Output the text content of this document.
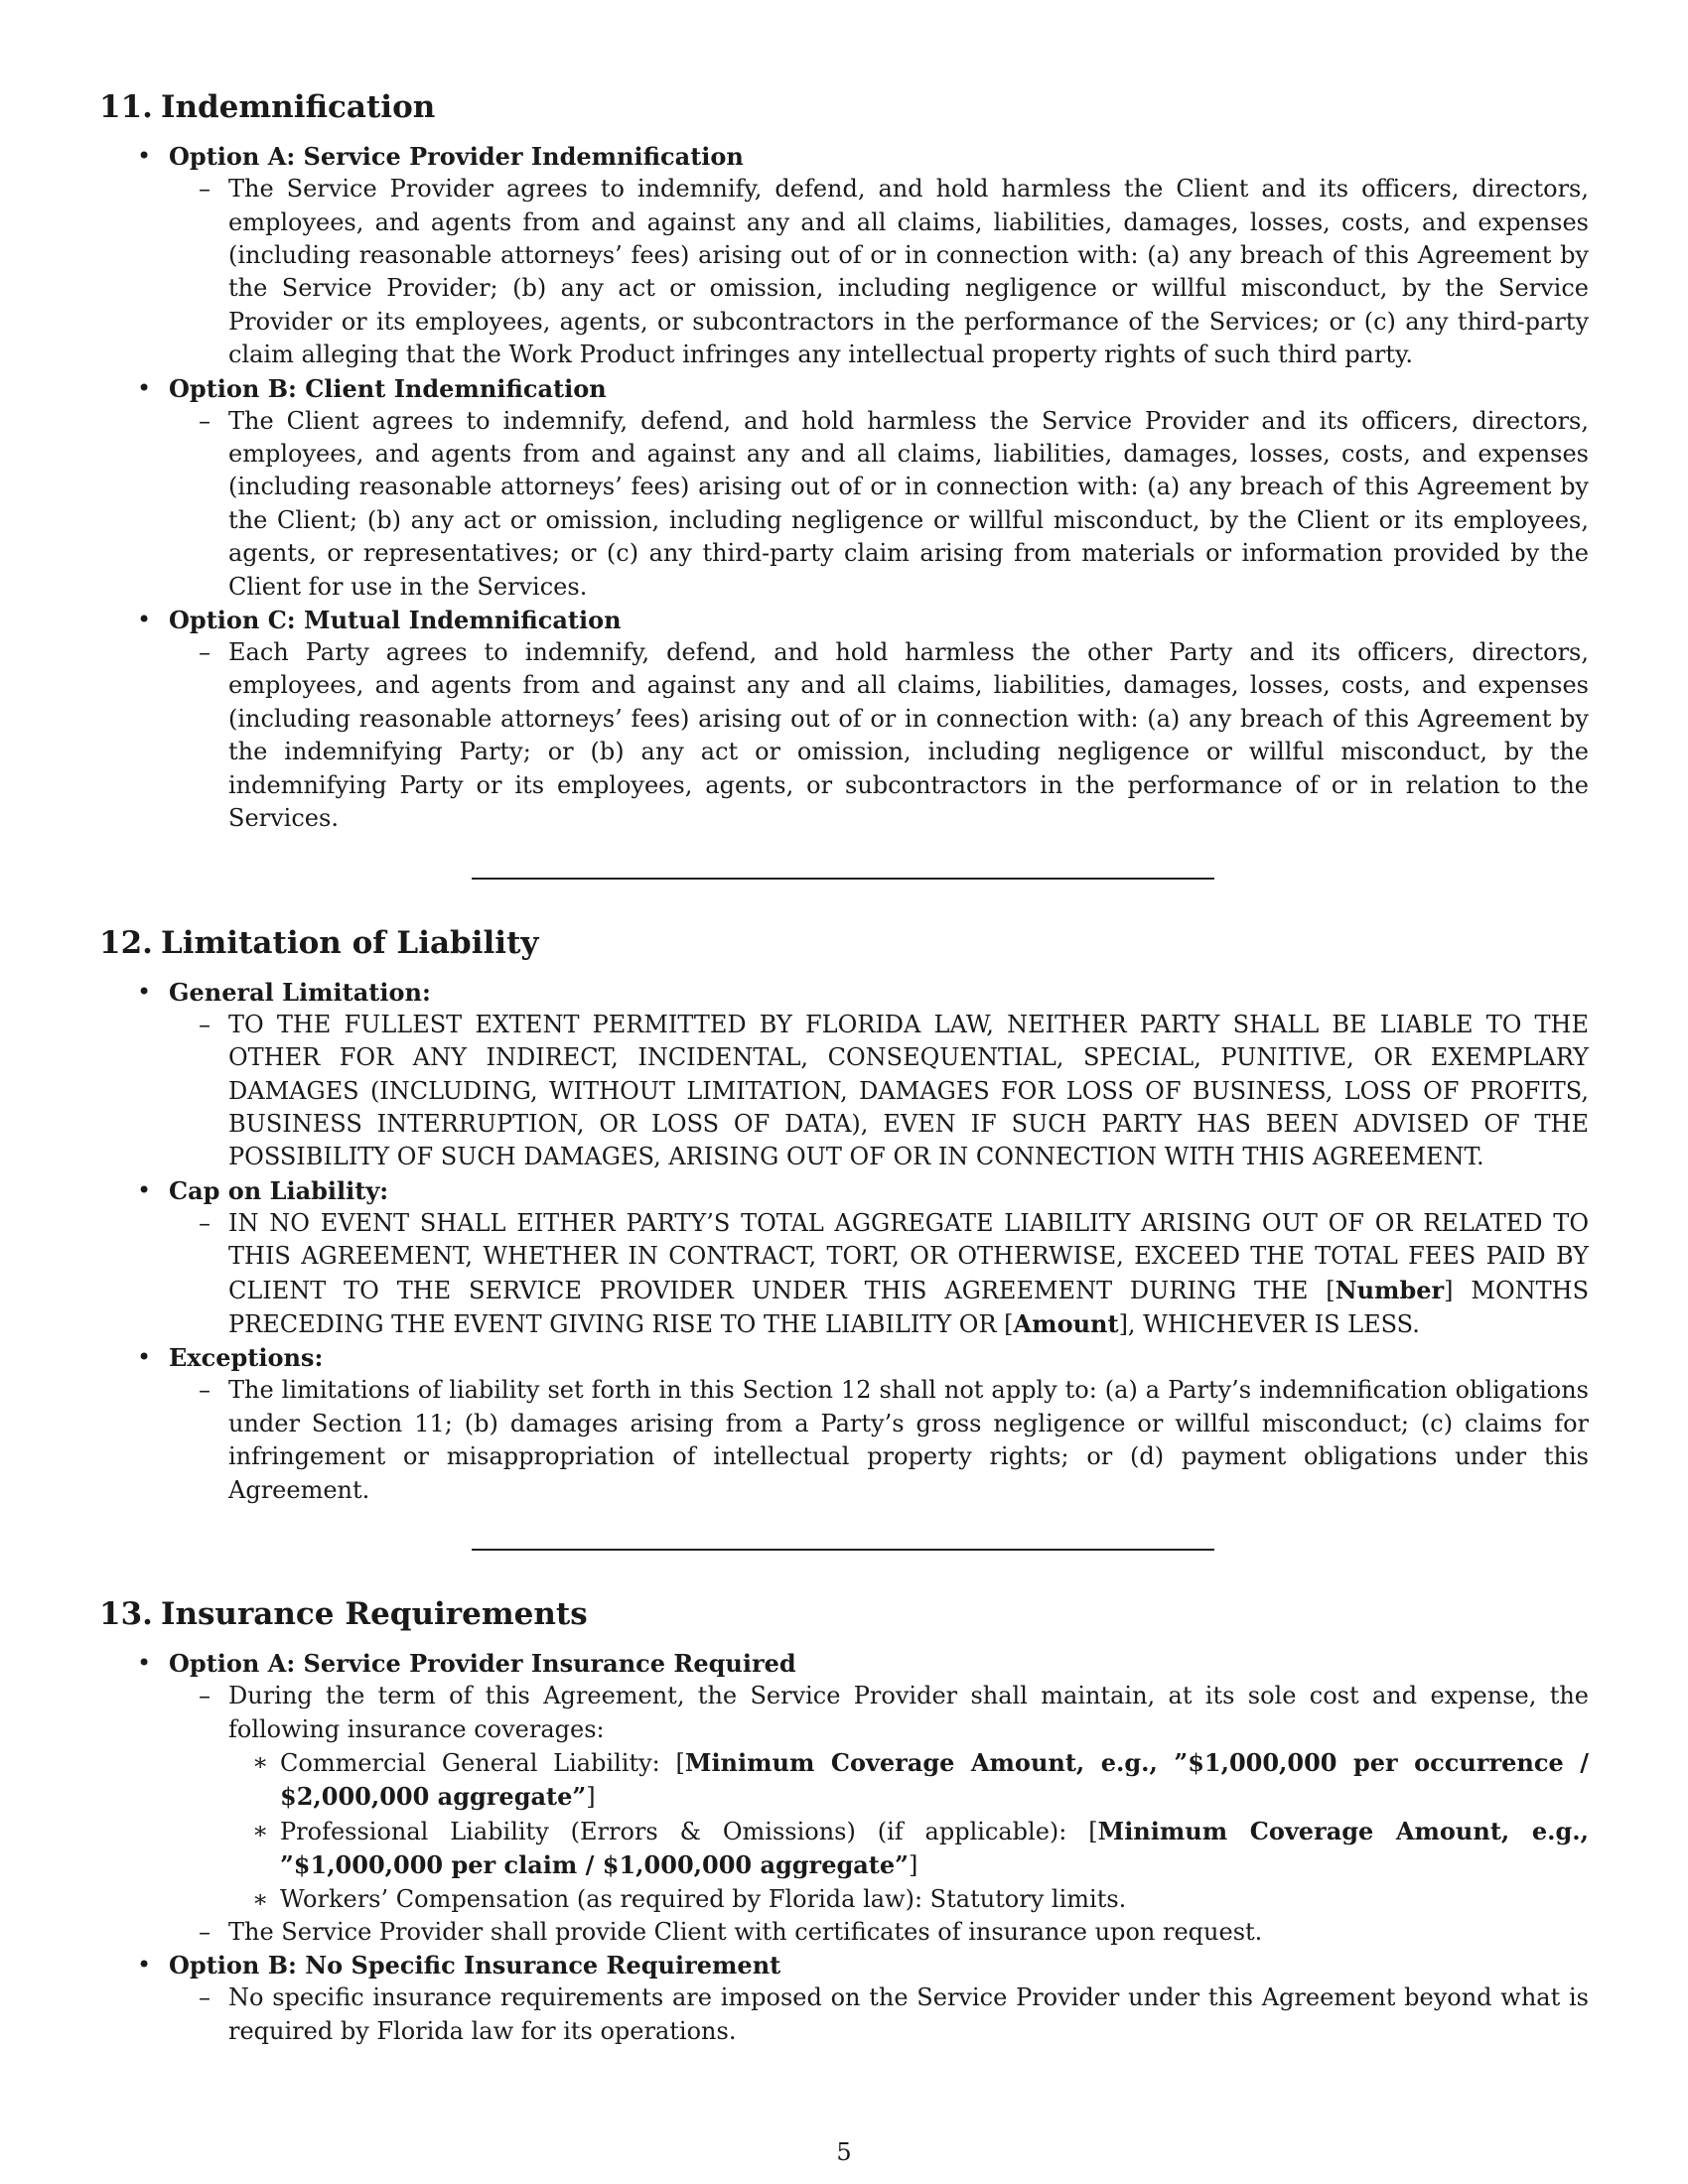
11. Indemnification
• Option A: Service Provider Indemnification
– The Service Provider agrees to indemnify, defend, and hold harmless the Client and its officers, directors, employees, and agents from and against any and all claims, liabilities, damages, losses, costs, and expenses (including reasonable attorneys’ fees) arising out of or in connection with: (a) any breach of this Agreement by the Service Provider; (b) any act or omission, including negligence or willful misconduct, by the Service Provider or its employees, agents, or subcontractors in the performance of the Services; or (c) any third-party claim alleging that the Work Product infringes any intellectual property rights of such third party.
• Option B: Client Indemnification
– The Client agrees to indemnify, defend, and hold harmless the Service Provider and its officers, directors, employees, and agents from and against any and all claims, liabilities, damages, losses, costs, and expenses (including reasonable attorneys’ fees) arising out of or in connection with: (a) any breach of this Agreement by the Client; (b) any act or omission, including negligence or willful misconduct, by the Client or its employees, agents, or representatives; or (c) any third-party claim arising from materials or information provided by the Client for use in the Services.
• Option C: Mutual Indemnification
– Each Party agrees to indemnify, defend, and hold harmless the other Party and its officers, directors, employees, and agents from and against any and all claims, liabilities, damages, losses, costs, and expenses (including reasonable attorneys’ fees) arising out of or in connection with: (a) any breach of this Agreement by the indemnifying Party; or (b) any act or omission, including negligence or willful misconduct, by the indemnifying Party or its employees, agents, or subcontractors in the performance of or in relation to the Services.
12. Limitation of Liability
• General Limitation:
– TO THE FULLEST EXTENT PERMITTED BY FLORIDA LAW, NEITHER PARTY SHALL BE LIABLE TO THE OTHER FOR ANY INDIRECT, INCIDENTAL, CONSEQUENTIAL, SPECIAL, PUNITIVE, OR EXEMPLARY DAMAGES (INCLUDING, WITHOUT LIMITATION, DAMAGES FOR LOSS OF BUSINESS, LOSS OF PROFITS, BUSINESS INTERRUPTION, OR LOSS OF DATA), EVEN IF SUCH PARTY HAS BEEN ADVISED OF THE POSSIBILITY OF SUCH DAMAGES, ARISING OUT OF OR IN CONNECTION WITH THIS AGREEMENT.
• Cap on Liability:
– IN NO EVENT SHALL EITHER PARTY’S TOTAL AGGREGATE LIABILITY ARISING OUT OF OR RELATED TO THIS AGREEMENT, WHETHER IN CONTRACT, TORT, OR OTHERWISE, EXCEED THE TOTAL FEES PAID BY CLIENT TO THE SERVICE PROVIDER UNDER THIS AGREEMENT DURING THE [Number] MONTHS PRECEDING THE EVENT GIVING RISE TO THE LIABILITY OR [Amount], WHICHEVER IS LESS.
• Exceptions:
– The limitations of liability set forth in this Section 12 shall not apply to: (a) a Party’s indemnification obligations under Section 11; (b) damages arising from a Party’s gross negligence or willful misconduct; (c) claims for infringement or misappropriation of intellectual property rights; or (d) payment obligations under this Agreement.
13. Insurance Requirements
• Option A: Service Provider Insurance Required
– During the term of this Agreement, the Service Provider shall maintain, at its sole cost and expense, the following insurance coverages:
∗ Commercial General Liability: [Minimum Coverage Amount, e.g., ”$1,000,000 per occurrence / $2,000,000 aggregate”]
∗ Professional Liability (Errors & Omissions) (if applicable): [Minimum Coverage Amount, e.g., ”$1,000,000 per claim / $1,000,000 aggregate”]
∗ Workers’ Compensation (as required by Florida law): Statutory limits.
– The Service Provider shall provide Client with certificates of insurance upon request.
• Option B: No Specific Insurance Requirement
– No specific insurance requirements are imposed on the Service Provider under this Agreement beyond what is required by Florida law for its operations.
5
